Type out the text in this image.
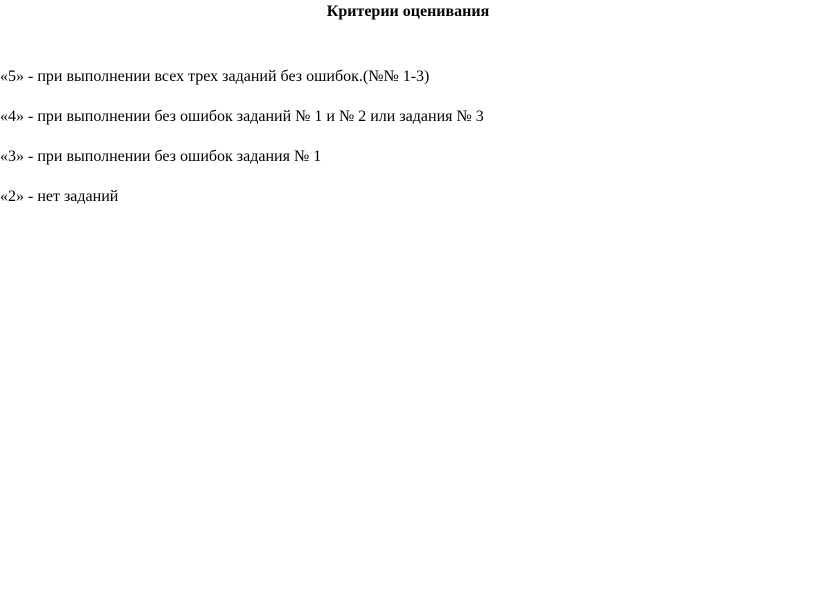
Критерии оценивания
«5» - при выполнении всех трех заданий без ошибок.(№№ 1-3)
«4» - при выполнении без ошибок заданий № 1 и № 2 или задания № 3
«3» - при выполнении без ошибок задания № 1
«2» - нет заданий
